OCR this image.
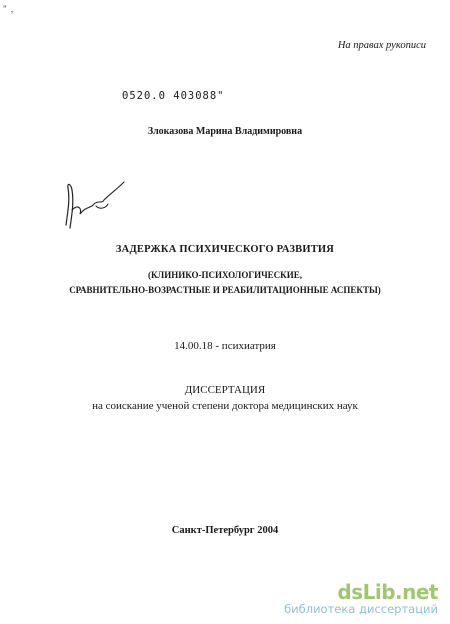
" ,
На правах рукописи
0520.0 403088"
Злоказова Марина Владимировна
ЗАДЕРЖКА ПСИХИЧЕСКОГО РАЗВИТИЯ
(КЛИНИКО-ПСИХОЛОГИЧЕСКИЕ,
СРАВНИТЕЛЬНО-ВОЗРАСТНЫЕ И РЕАБИЛИТАЦИОННЫЕ АСПЕКТЫ)
14.00.18 - психиатрия
ДИССЕРТАЦИЯ
на соискание ученой степени доктора медицинских наук
Санкт-Петербург 2004
dsLib.net
библиотека диссертаций
